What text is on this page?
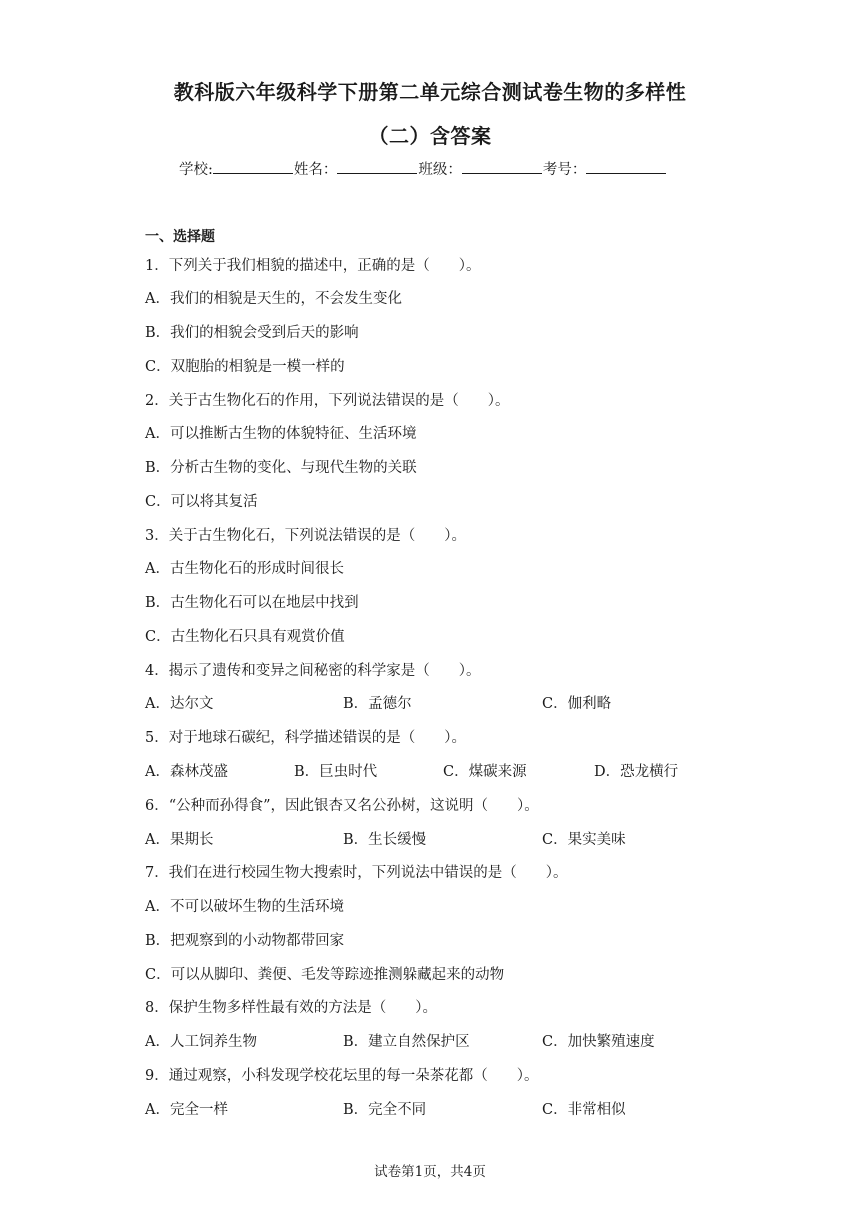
教科版六年级科学下册第二单元综合测试卷生物的多样性
（二）含答案
学校:	姓名：	班级：	考号：
一、选择题
1．下列关于我们相貌的描述中，正确的是（　　）。
A．我们的相貌是天生的，不会发生变化
B．我们的相貌会受到后天的影响
C．双胞胎的相貌是一模一样的
2．关于古生物化石的作用，下列说法错误的是（　　）。
A．可以推断古生物的体貌特征、生活环境
B．分析古生物的变化、与现代生物的关联
C．可以将其复活
3．关于古生物化石，下列说法错误的是（　　）。
A．古生物化石的形成时间很长
B．古生物化石可以在地层中找到
C．古生物化石只具有观赏价值
4．揭示了遗传和变异之间秘密的科学家是（　　）。
A．达尔文	B．孟德尔	C．伽利略
5．对于地球石碳纪，科学描述错误的是（　　）。
A．森林茂盛	B．巨虫时代	C．煤碳来源	D．恐龙横行
6．“公种而孙得食”，因此银杏又名公孙树，这说明（　　）。
A．果期长	B．生长缓慢	C．果实美味
7．我们在进行校园生物大搜索时，下列说法中错误的是（　　）。
A．不可以破坏生物的生活环境
B．把观察到的小动物都带回家
C．可以从脚印、粪便、毛发等踪迹推测躲藏起来的动物
8．保护生物多样性最有效的方法是（　　）。
A．人工饲养生物	B．建立自然保护区	C．加快繁殖速度
9．通过观察，小科发现学校花坛里的每一朵茶花都（　　）。
A．完全一样	B．完全不同	C．非常相似
试卷第1页，共4页
